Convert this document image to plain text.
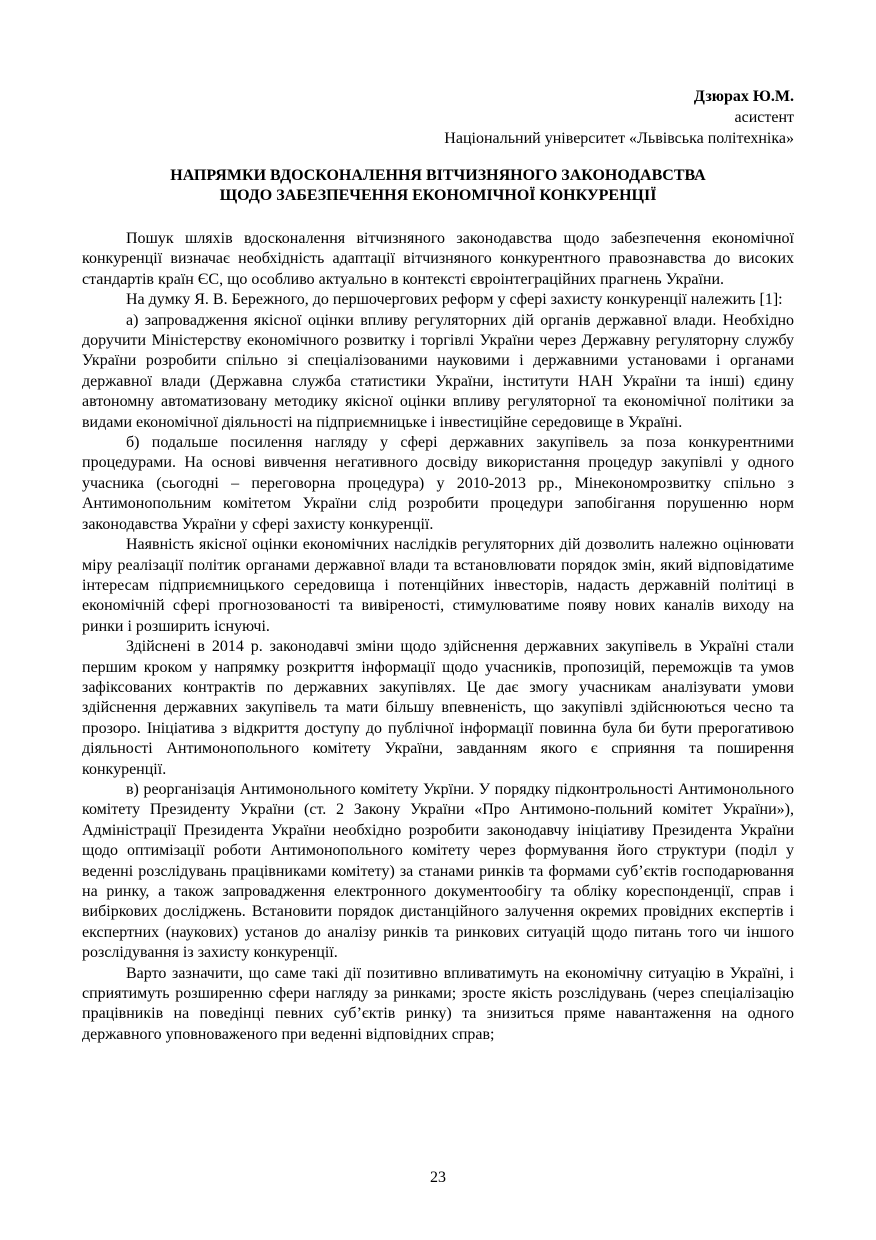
Дзюрах Ю.М.
асистент
Національний університет «Львівська політехніка»
НАПРЯМКИ ВДОСКОНАЛЕННЯ ВІТЧИЗНЯНОГО ЗАКОНОДАВСТВА
ЩОДО ЗАБЕЗПЕЧЕННЯ ЕКОНОМІЧНОЇ КОНКУРЕНЦІЇ

Пошук шляхів вдосконалення вітчизняного законодавства щодо забезпечення економічної конкуренції визначає необхідність адаптації вітчизняного конкурентного правознавства до високих стандартів країн ЄС, що особливо актуально в контексті євроінтеграційних прагнень України.

На думку Я. В. Бережного, до першочергових реформ у сфері захисту конкуренції належить [1]:

а) запровадження якісної оцінки впливу регуляторних дій органів державної влади. Необхідно доручити Міністерству економічного розвитку і торгівлі України через Державну регуляторну службу України розробити спільно зі спеціалізованими науковими і державними установами і органами державної влади (Державна служба статистики України, інститути НАН України та інші) єдину автономну автоматизовану методику якісної оцінки впливу регуляторної та економічної політики за видами економічної діяльності на підприємницьке і інвестиційне середовище в Україні.

б) подальше посилення нагляду у сфері державних закупівель за поза конкурентними процедурами. На основі вивчення негативного досвіду використання процедур закупівлі у одного учасника (сьогодні – переговорна процедура) у 2010-2013 рр., Мінекономрозвитку спільно з Антимонопольним комітетом України слід розробити процедури запобігання порушенню норм законодавства України у сфері захисту конкуренції.

Наявність якісної оцінки економічних наслідків регуляторних дій дозволить належно оцінювати міру реалізації політик органами державної влади та встановлювати порядок змін, який відповідатиме інтересам підприємницького середовища і потенційних інвесторів, надасть державній політиці в економічній сфері прогнозованості та вивіреності, стимулюватиме появу нових каналів виходу на ринки і розширить існуючі.

Здійснені в 2014 р. законодавчі зміни щодо здійснення державних закупівель в Україні стали першим кроком у напрямку розкриття інформації щодо учасників, пропозицій, переможців та умов зафіксованих контрактів по державних закупівлях. Це дає змогу учасникам аналізувати умови здійснення державних закупівель та мати більшу впевненість, що закупівлі здійснюються чесно та прозоро. Ініціатива з відкриття доступу до публічної інформації повинна була би бути прерогативою діяльності Антимонопольного комітету України, завданням якого є сприяння та поширення конкуренції.

в) реорганізація Антимонольного комітету Укрїни. У порядку підконтрольності Антимонольного комітету Президенту України (ст. 2 Закону України «Про Антимоно-польний комітет України»), Адміністрації Президента України необхідно розробити законодавчу ініціативу Президента України щодо оптимізації роботи Антимонопольного комітету через формування його структури (поділ у веденні розслідувань працівниками комітету) за станами ринків та формами суб’єктів господарювання на ринку, а також запровадження електронного документообігу та обліку кореспонденції, справ і вибіркових досліджень. Встановити порядок дистанційного залучення окремих провідних експертів і експертних (наукових) установ до аналізу ринків та ринкових ситуацій щодо питань того чи іншого розслідування із захисту конкуренції.

Варто зазначити, що саме такі дії позитивно впливатимуть на економічну ситуацію в Україні, і сприятимуть розширенню сфери нагляду за ринками; зросте якість розслідувань (через спеціалізацію працівників на поведінці певних суб’єктів ринку) та знизиться пряме навантаження на одного державного уповноваженого при веденні відповідних справ;

23
